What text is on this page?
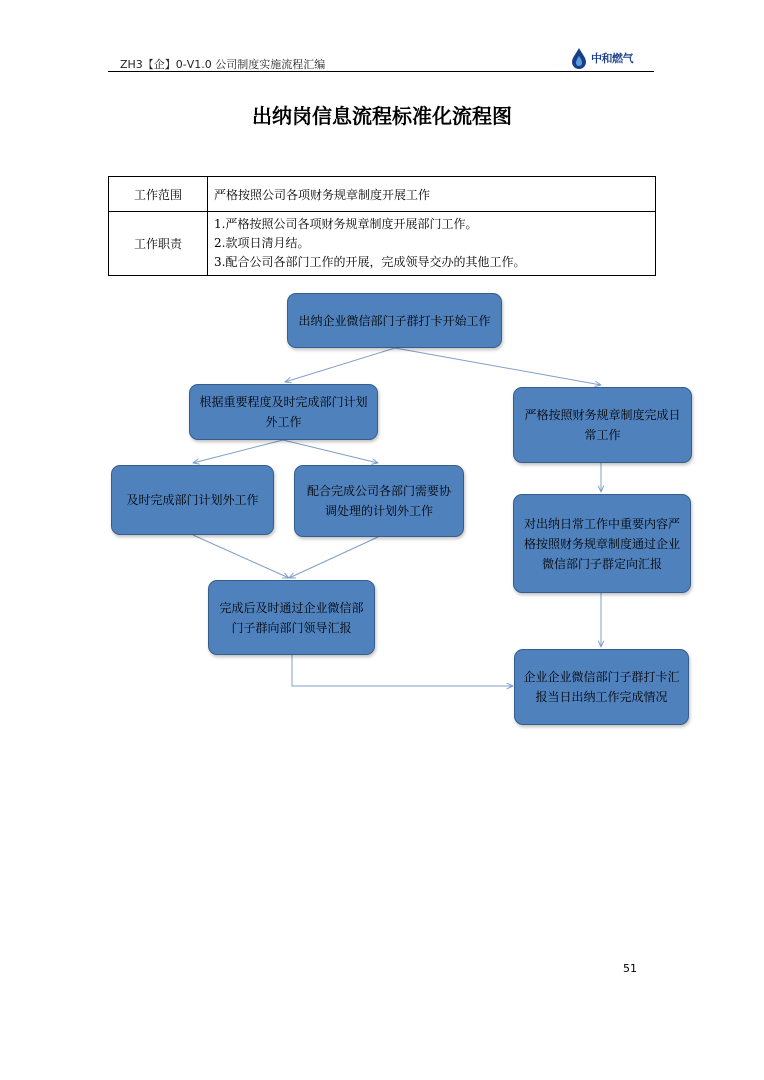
ZH3【企】0-V1.0 公司制度实施流程汇编	中和燃气
出纳岗信息流程标准化流程图
工作范围	严格按照公司各项财务规章制度开展工作
工作职责	1.严格按照公司各项财务规章制度开展部门工作。
2.款项日清月结。
3.配合公司各部门工作的开展，完成领导交办的其他工作。
出纳企业微信部门子群打卡开始工作
根据重要程度及时完成部门计划外工作
及时完成部门计划外工作
配合完成公司各部门需要协调处理的计划外工作
完成后及时通过企业微信部门子群向部门领导汇报
严格按照财务规章制度完成日常工作
对出纳日常工作中重要内容严格按照财务规章制度通过企业微信部门子群定向汇报
企业企业微信部门子群打卡汇报当日出纳工作完成情况
51
